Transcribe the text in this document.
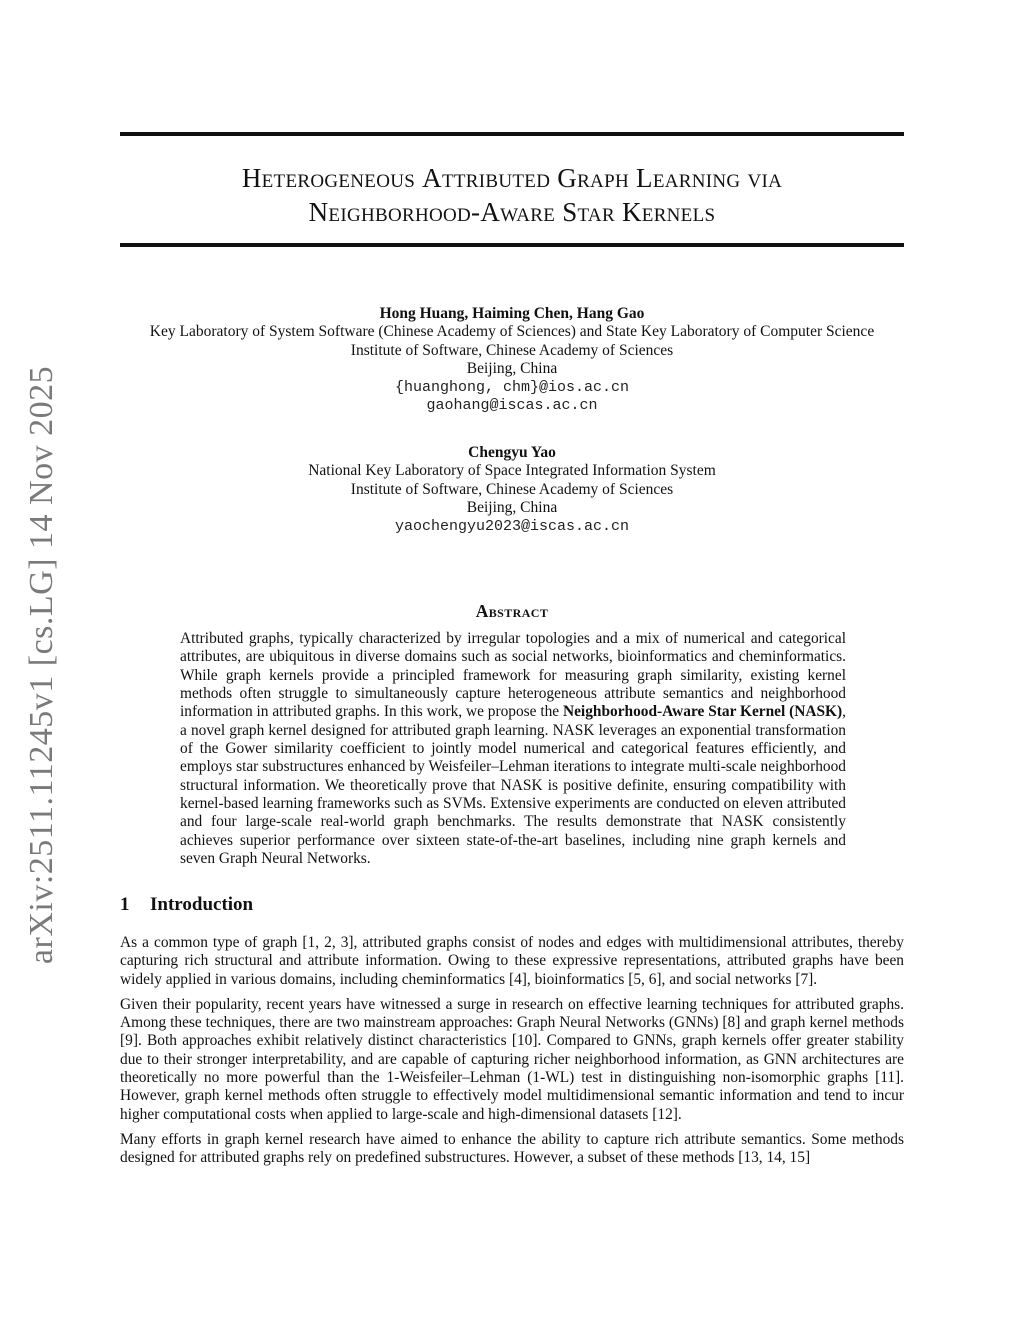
Heterogeneous Attributed Graph Learning via
Neighborhood-Aware Star Kernels
arXiv:2511.11245v1 [cs.LG] 14 Nov 2025
Hong Huang, Haiming Chen, Hang Gao
Key Laboratory of System Software (Chinese Academy of Sciences) and State Key Laboratory of Computer Science
Institute of Software, Chinese Academy of Sciences
Beijing, China
{huanghong, chm}@ios.ac.cn
gaohang@iscas.ac.cn
Chengyu Yao
National Key Laboratory of Space Integrated Information System
Institute of Software, Chinese Academy of Sciences
Beijing, China
yaochengyu2023@iscas.ac.cn
Abstract

Attributed graphs, typically characterized by irregular topologies and a mix of numerical and categorical attributes, are ubiquitous in diverse domains such as social networks, bioinformatics and cheminformatics. While graph kernels provide a principled framework for measuring graph similarity, existing kernel methods often struggle to simultaneously capture heterogeneous attribute semantics and neighborhood information in attributed graphs. In this work, we propose the Neighborhood-Aware Star Kernel (NASK), a novel graph kernel designed for attributed graph learning. NASK leverages an exponential transformation of the Gower similarity coefficient to jointly model numerical and categorical features efficiently, and employs star substructures enhanced by Weisfeiler–Lehman iterations to integrate multi-scale neighborhood structural information. We theoretically prove that NASK is positive definite, ensuring compatibility with kernel-based learning frameworks such as SVMs. Extensive experiments are conducted on eleven attributed and four large-scale real-world graph benchmarks. The results demonstrate that NASK consistently achieves superior performance over sixteen state-of-the-art baselines, including nine graph kernels and seven Graph Neural Networks.

1 Introduction

As a common type of graph [1, 2, 3], attributed graphs consist of nodes and edges with multidimensional attributes, thereby capturing rich structural and attribute information. Owing to these expressive representations, attributed graphs have been widely applied in various domains, including cheminformatics [4], bioinformatics [5, 6], and social networks [7].

Given their popularity, recent years have witnessed a surge in research on effective learning techniques for attributed graphs. Among these techniques, there are two mainstream approaches: Graph Neural Networks (GNNs) [8] and graph kernel methods [9]. Both approaches exhibit relatively distinct characteristics [10]. Compared to GNNs, graph kernels offer greater stability due to their stronger interpretability, and are capable of capturing richer neighborhood information, as GNN architectures are theoretically no more powerful than the 1-Weisfeiler–Lehman (1-WL) test in distinguishing non-isomorphic graphs [11]. However, graph kernel methods often struggle to effectively model multidimensional semantic information and tend to incur higher computational costs when applied to large-scale and high-dimensional datasets [12].

Many efforts in graph kernel research have aimed to enhance the ability to capture rich attribute semantics. Some methods designed for attributed graphs rely on predefined substructures. However, a subset of these methods [13, 14, 15]
